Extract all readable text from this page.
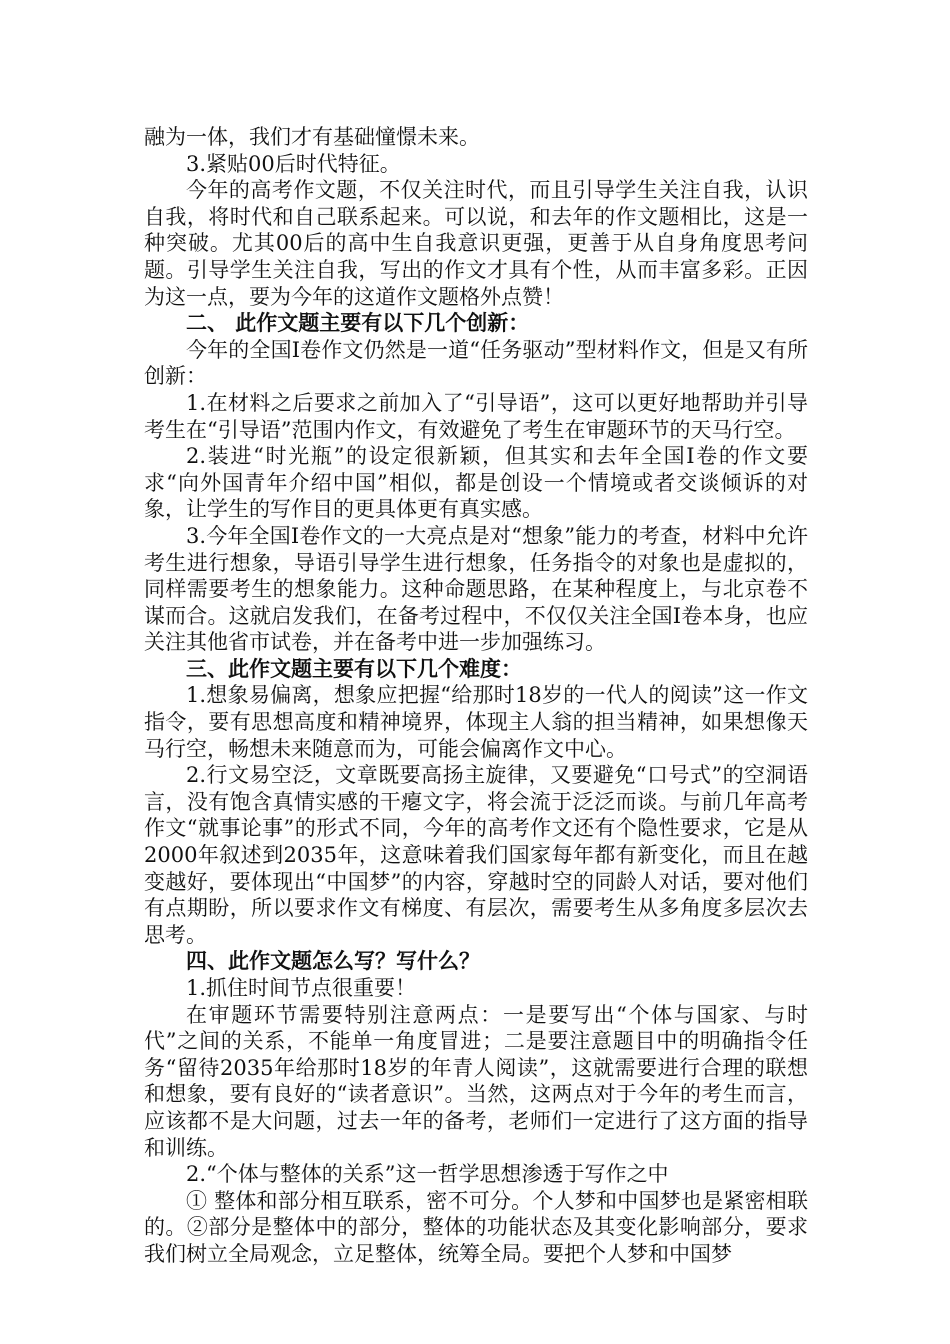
融为一体，我们才有基础憧憬未来。

3.紧贴00后时代特征。

今年的高考作文题，不仅关注时代，而且引导学生关注自我，认识自我，将时代和自己联系起来。可以说，和去年的作文题相比，这是一种突破。尤其00后的高中生自我意识更强，更善于从自身角度思考问题。引导学生关注自我，写出的作文才具有个性，从而丰富多彩。正因为这一点，要为今年的这道作文题格外点赞！

二、 此作文题主要有以下几个创新：

今年的全国Ⅰ卷作文仍然是一道“任务驱动”型材料作文，但是又有所创新：

1.在材料之后要求之前加入了“引导语”，这可以更好地帮助并引导考生在“引导语”范围内作文，有效避免了考生在审题环节的天马行空。

2.装进“时光瓶”的设定很新颖，但其实和去年全国Ⅰ卷的作文要求“向外国青年介绍中国”相似，都是创设一个情境或者交谈倾诉的对象，让学生的写作目的更具体更有真实感。

3.今年全国Ⅰ卷作文的一大亮点是对“想象”能力的考查，材料中允许考生进行想象，导语引导学生进行想象，任务指令的对象也是虚拟的，同样需要考生的想象能力。这种命题思路，在某种程度上，与北京卷不谋而合。这就启发我们，在备考过程中，不仅仅关注全国Ⅰ卷本身，也应关注其他省市试卷，并在备考中进一步加强练习。

三、此作文题主要有以下几个难度：

1.想象易偏离，想象应把握“给那时18岁的一代人的阅读”这一作文指令，要有思想高度和精神境界，体现主人翁的担当精神，如果想像天马行空，畅想未来随意而为，可能会偏离作文中心。

2.行文易空泛，文章既要高扬主旋律，又要避免“口号式”的空洞语言，没有饱含真情实感的干瘪文字，将会流于泛泛而谈。与前几年高考作文“就事论事”的形式不同，今年的高考作文还有个隐性要求，它是从2000年叙述到2035年，这意味着我们国家每年都有新变化，而且在越变越好，要体现出“中国梦”的内容，穿越时空的同龄人对话，要对他们有点期盼，所以要求作文有梯度、有层次，需要考生从多角度多层次去思考。

四、此作文题怎么写？写什么？

1.抓住时间节点很重要！

在审题环节需要特别注意两点：一是要写出“个体与国家、与时代”之间的关系，不能单一角度冒进；二是要注意题目中的明确指令任务“留待2035年给那时18岁的年青人阅读”，这就需要进行合理的联想和想象，要有良好的“读者意识”。当然，这两点对于今年的考生而言，应该都不是大问题，过去一年的备考，老师们一定进行了这方面的指导和训练。

2.“个体与整体的关系”这一哲学思想渗透于写作之中

① 整体和部分相互联系，密不可分。个人梦和中国梦也是紧密相联的。②部分是整体中的部分，整体的功能状态及其变化影响部分，要求我们树立全局观念，立足整体，统筹全局。要把个人梦和中国梦
